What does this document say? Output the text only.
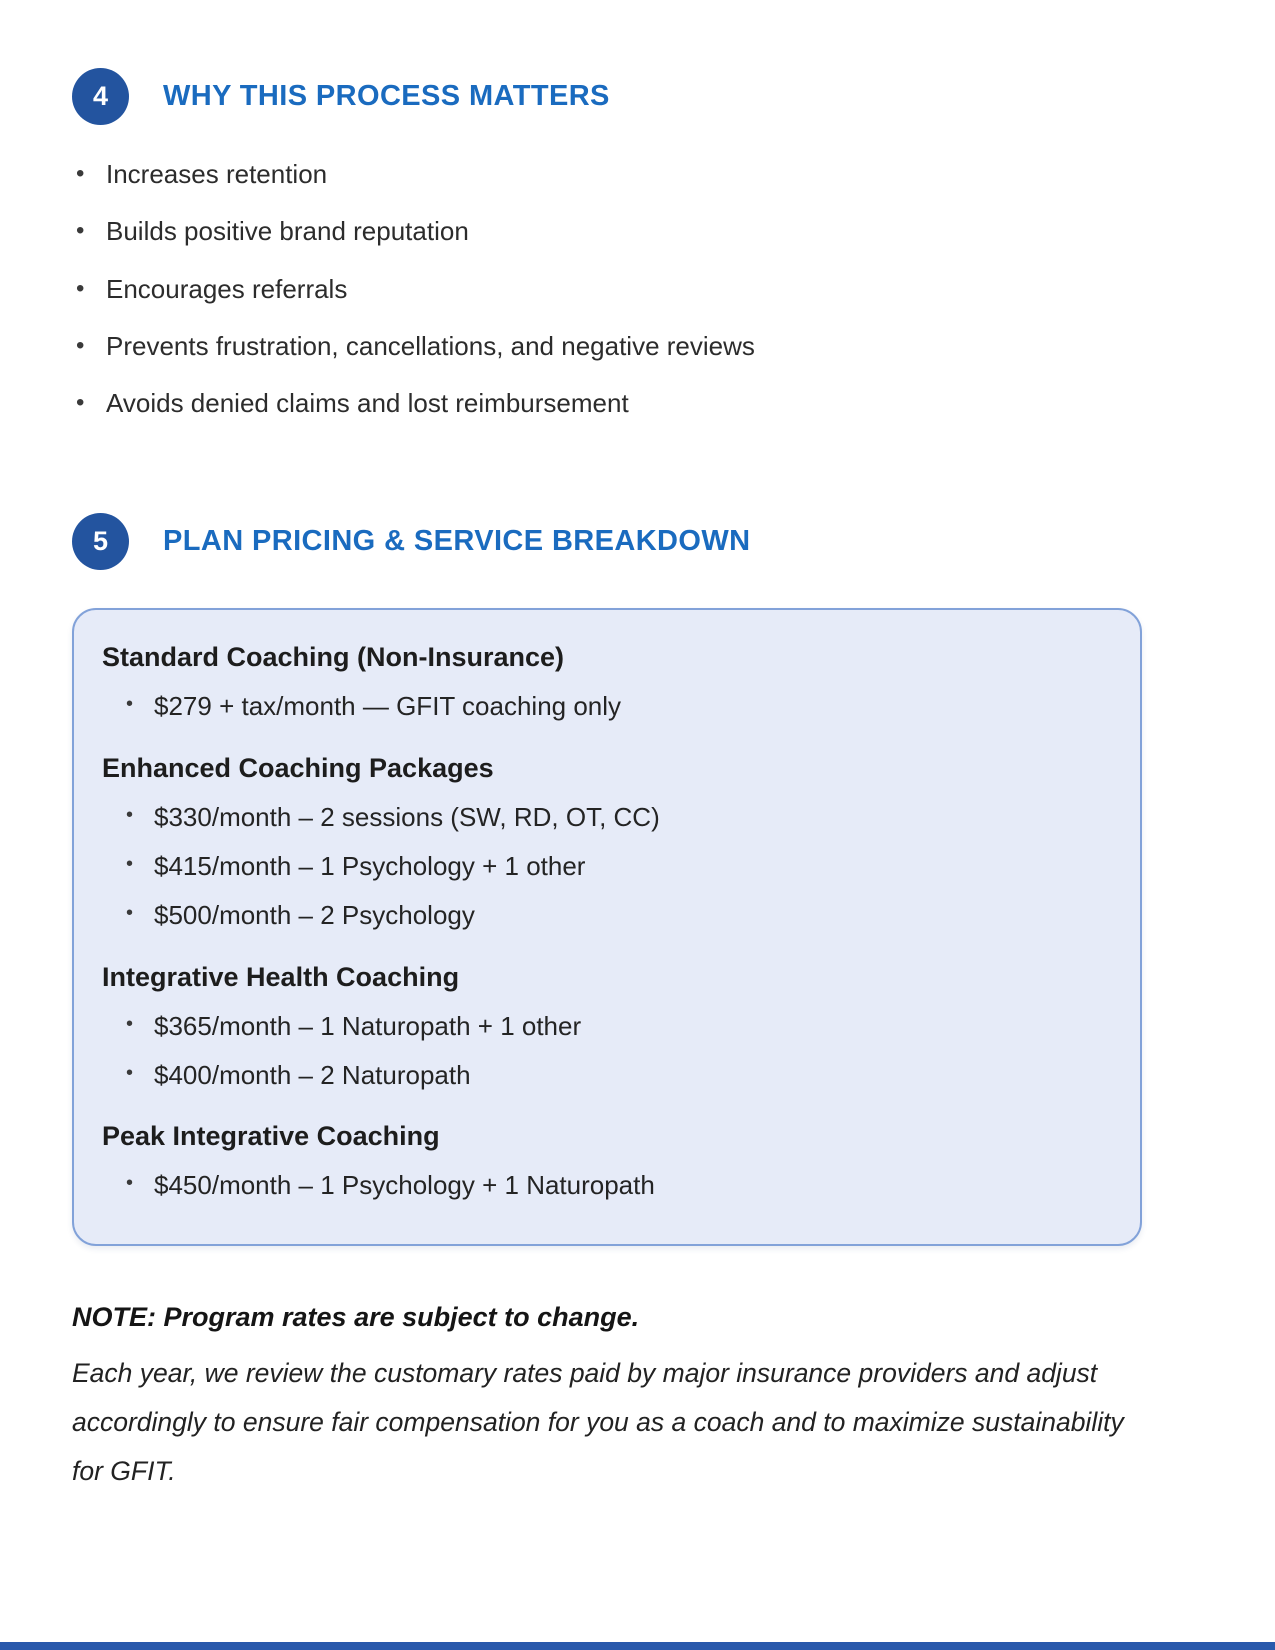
4 WHY THIS PROCESS MATTERS
• Increases retention
• Builds positive brand reputation
• Encourages referrals
• Prevents frustration, cancellations, and negative reviews
• Avoids denied claims and lost reimbursement
5 PLAN PRICING & SERVICE BREAKDOWN
Standard Coaching (Non-Insurance)
• $279 + tax/month — GFIT coaching only
Enhanced Coaching Packages
• $330/month – 2 sessions (SW, RD, OT, CC)
• $415/month – 1 Psychology + 1 other
• $500/month – 2 Psychology
Integrative Health Coaching
• $365/month – 1 Naturopath + 1 other
• $400/month – 2 Naturopath
Peak Integrative Coaching
• $450/month – 1 Psychology + 1 Naturopath

NOTE: Program rates are subject to change.

Each year, we review the customary rates paid by major insurance providers and adjust accordingly to ensure fair compensation for you as a coach and to maximize sustainability for GFIT.
